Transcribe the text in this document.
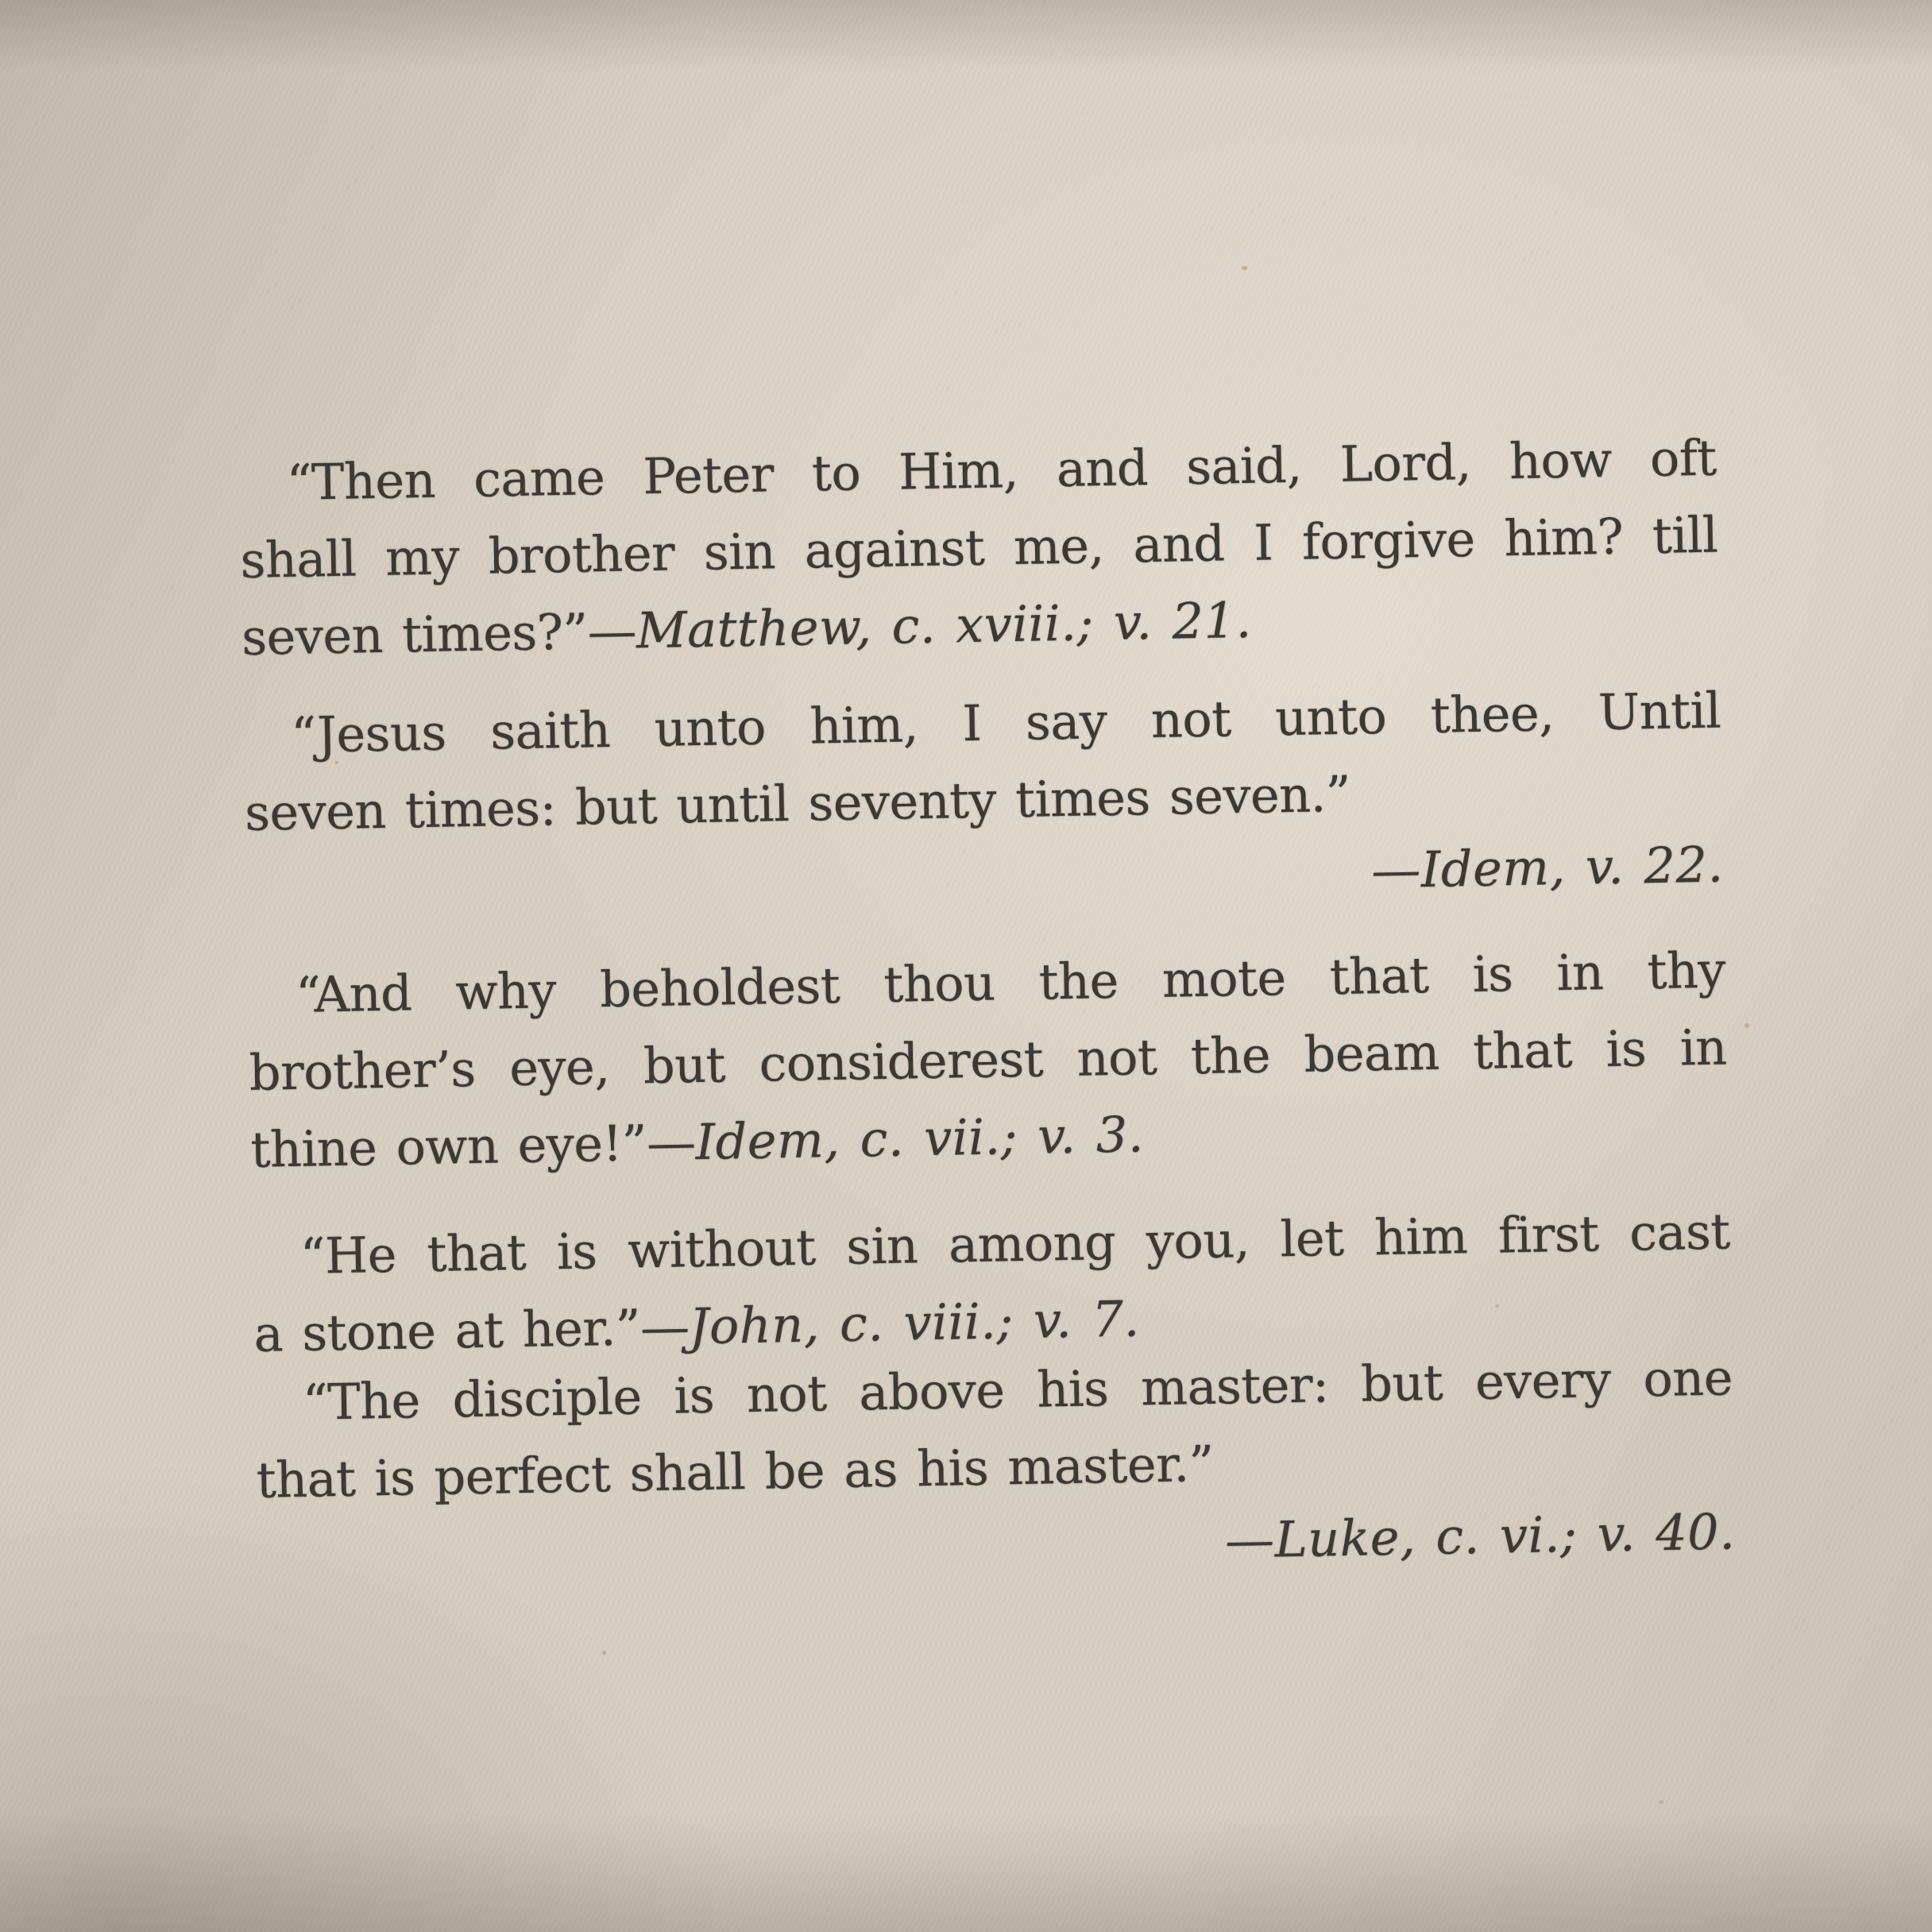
“Then came Peter to Him, and said, Lord, how oft
shall my brother sin against me, and I forgive him? till
seven times?”—Matthew, c. xviii.; v. 21.
“Jesus saith unto him, I say not unto thee, Until
seven times: but until seventy times seven.”
—Idem, v. 22.
“And why beholdest thou the mote that is in thy
brother’s eye, but considerest not the beam that is in
thine own eye!”—Idem, c. vii.; v. 3.
“He that is without sin among you, let him first cast
a stone at her.”—John, c. viii.; v. 7.
“The disciple is not above his master: but every one
that is perfect shall be as his master.”
—Luke, c. vi.; v. 40.
